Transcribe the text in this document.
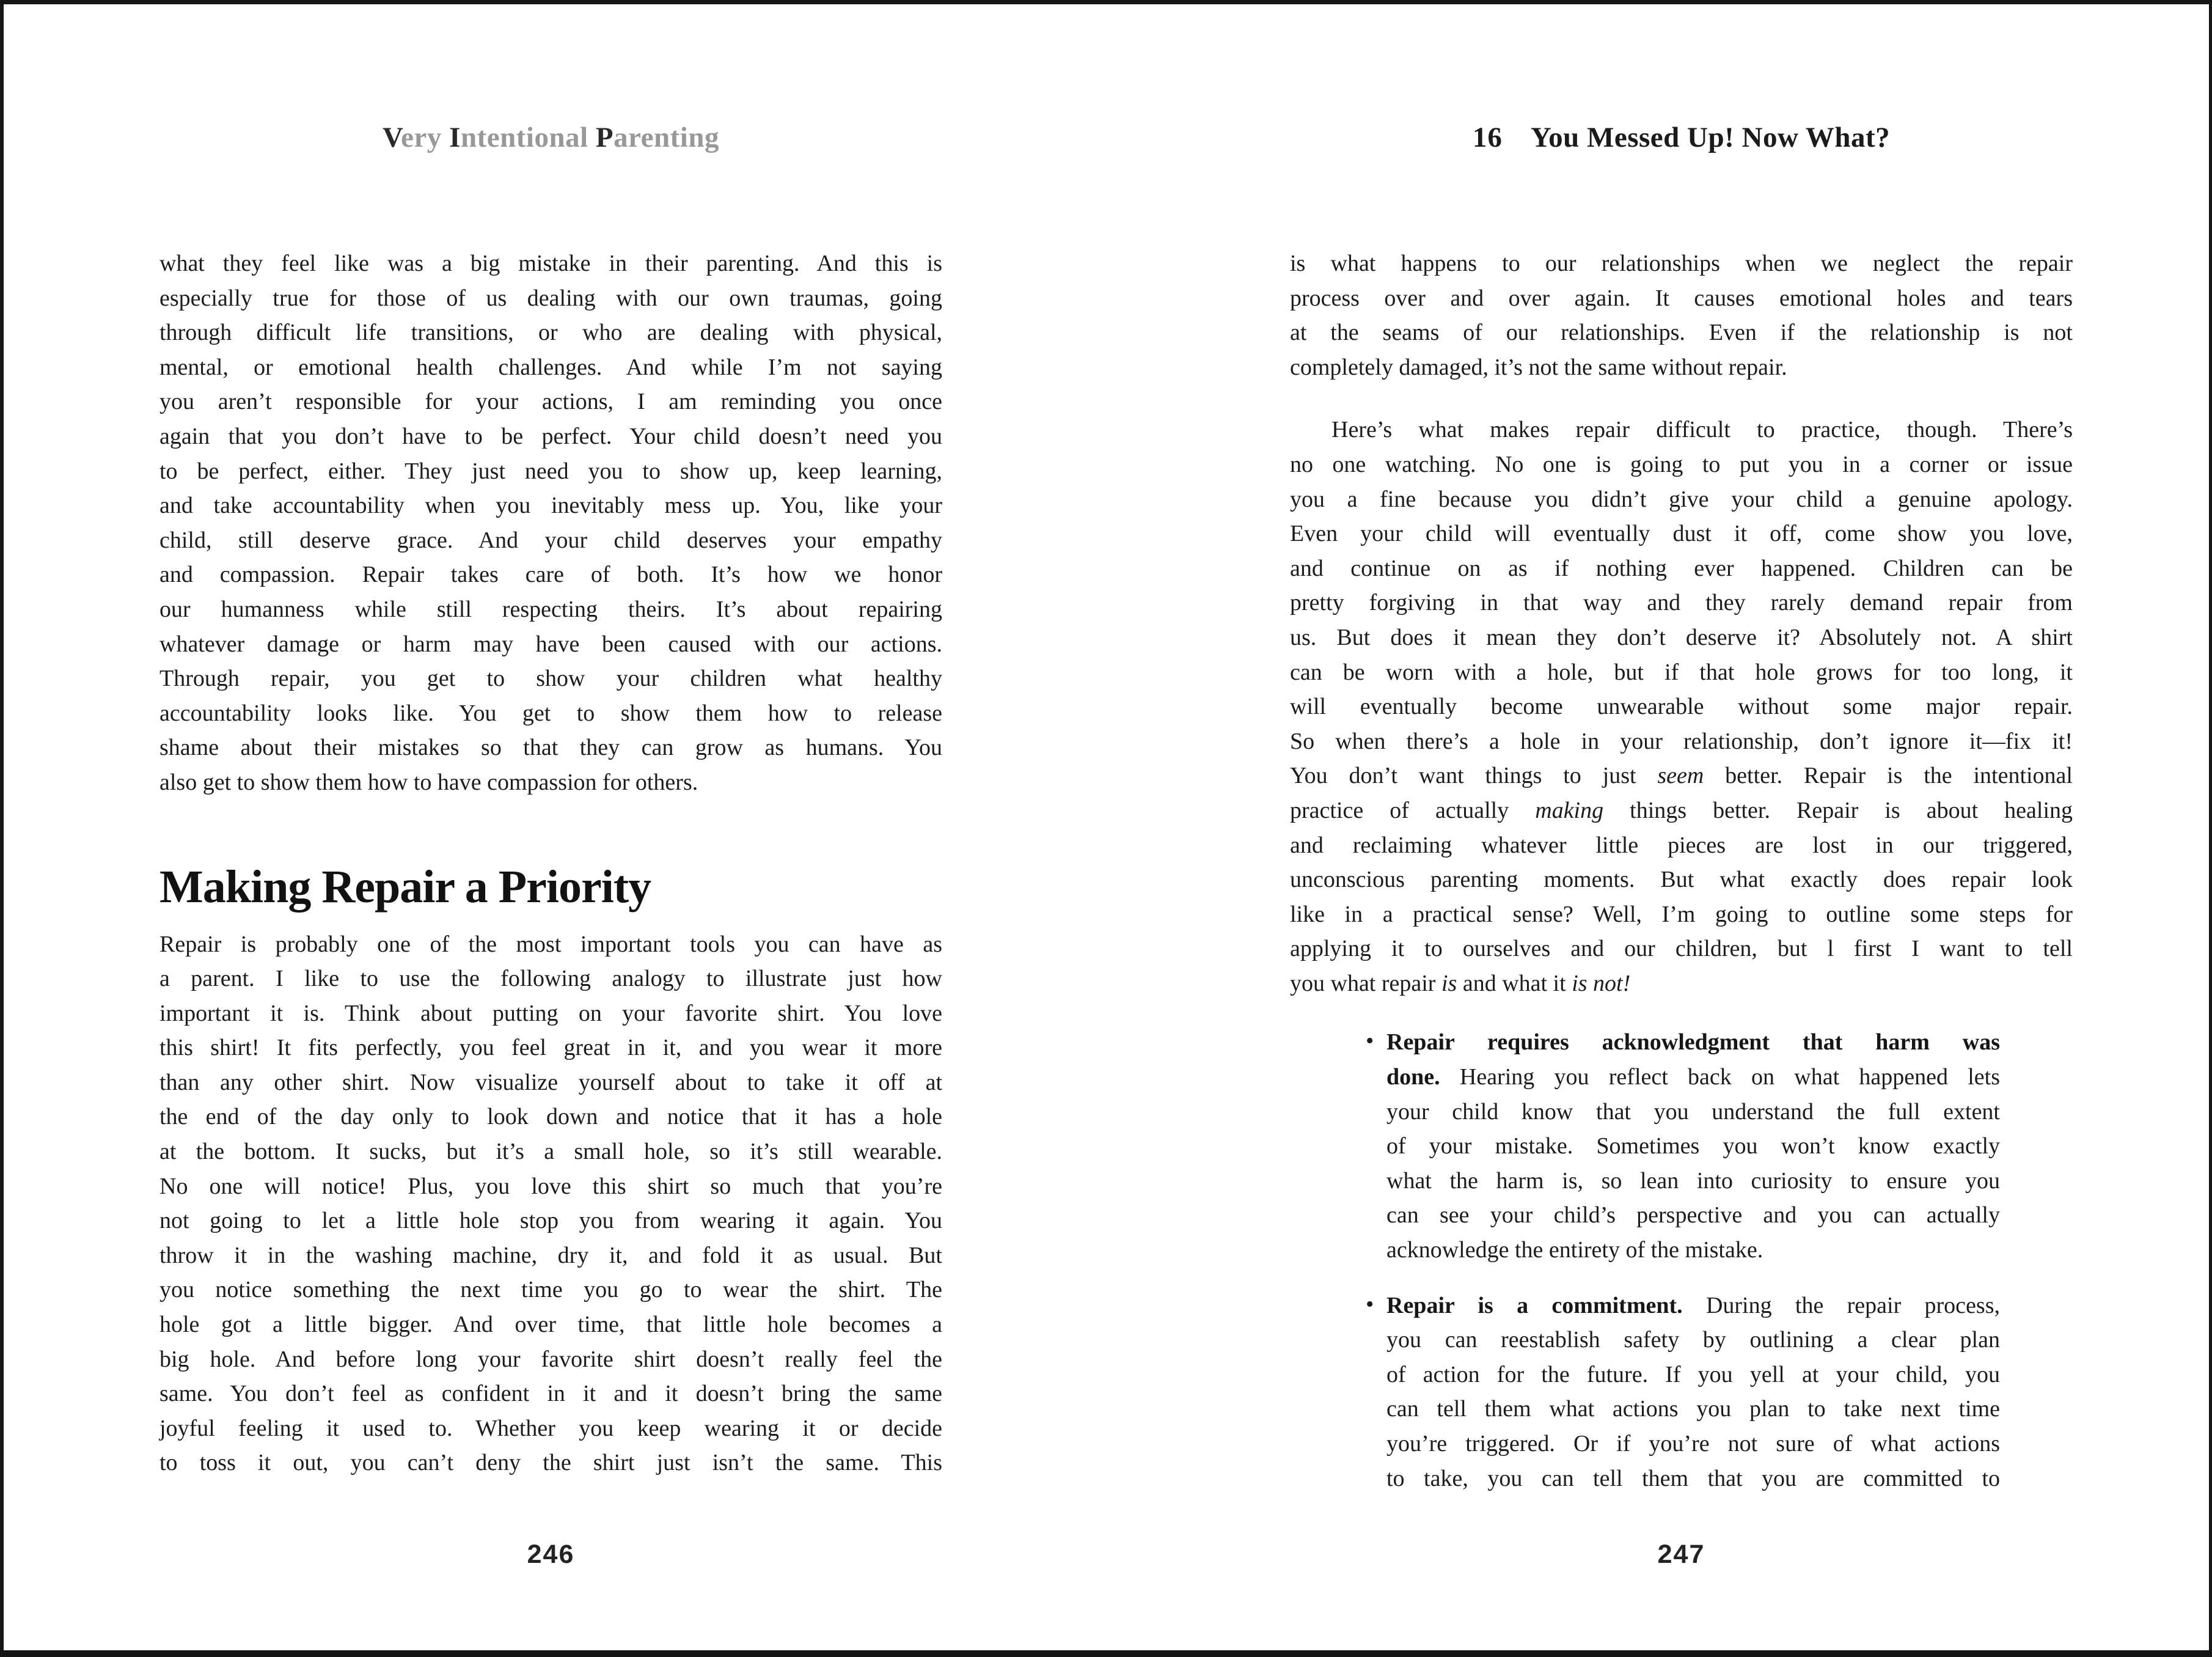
Very Intentional Parenting	16 You Messed Up! Now What?
what they feel like was a big mistake in their parenting. And this is
especially true for those of us dealing with our own traumas, going
through difficult life transitions, or who are dealing with physical,
mental, or emotional health challenges. And while I’m not saying
you aren’t responsible for your actions, I am reminding you once
again that you don’t have to be perfect. Your child doesn’t need you
to be perfect, either. They just need you to show up, keep learning,
and take accountability when you inevitably mess up. You, like your
child, still deserve grace. And your child deserves your empathy
and compassion. Repair takes care of both. It’s how we honor
our humanness while still respecting theirs. It’s about repairing
whatever damage or harm may have been caused with our actions.
Through repair, you get to show your children what healthy
accountability looks like. You get to show them how to release
shame about their mistakes so that they can grow as humans. You
also get to show them how to have compassion for others.
Making Repair a Priority
Repair is probably one of the most important tools you can have as
a parent. I like to use the following analogy to illustrate just how
important it is. Think about putting on your favorite shirt. You love
this shirt! It fits perfectly, you feel great in it, and you wear it more
than any other shirt. Now visualize yourself about to take it off at
the end of the day only to look down and notice that it has a hole
at the bottom. It sucks, but it’s a small hole, so it’s still wearable.
No one will notice! Plus, you love this shirt so much that you’re
not going to let a little hole stop you from wearing it again. You
throw it in the washing machine, dry it, and fold it as usual. But
you notice something the next time you go to wear the shirt. The
hole got a little bigger. And over time, that little hole becomes a
big hole. And before long your favorite shirt doesn’t really feel the
same. You don’t feel as confident in it and it doesn’t bring the same
joyful feeling it used to. Whether you keep wearing it or decide
to toss it out, you can’t deny the shirt just isn’t the same. This
is what happens to our relationships when we neglect the repair
process over and over again. It causes emotional holes and tears
at the seams of our relationships. Even if the relationship is not
completely damaged, it’s not the same without repair.
Here’s what makes repair difficult to practice, though. There’s
no one watching. No one is going to put you in a corner or issue
you a fine because you didn’t give your child a genuine apology.
Even your child will eventually dust it off, come show you love,
and continue on as if nothing ever happened. Children can be
pretty forgiving in that way and they rarely demand repair from
us. But does it mean they don’t deserve it? Absolutely not. A shirt
can be worn with a hole, but if that hole grows for too long, it
will eventually become unwearable without some major repair.
So when there’s a hole in your relationship, don’t ignore it—fix it!
You don’t want things to just seem better. Repair is the intentional
practice of actually making things better. Repair is about healing
and reclaiming whatever little pieces are lost in our triggered,
unconscious parenting moments. But what exactly does repair look
like in a practical sense? Well, I’m going to outline some steps for
applying it to ourselves and our children, but l first I want to tell
you what repair is and what it is not!
• Repair requires acknowledgment that harm was
done. Hearing you reflect back on what happened lets
your child know that you understand the full extent
of your mistake. Sometimes you won’t know exactly
what the harm is, so lean into curiosity to ensure you
can see your child’s perspective and you can actually
acknowledge the entirety of the mistake.
• Repair is a commitment. During the repair process,
you can reestablish safety by outlining a clear plan
of action for the future. If you yell at your child, you
can tell them what actions you plan to take next time
you’re triggered. Or if you’re not sure of what actions
to take, you can tell them that you are committed to
246	247
